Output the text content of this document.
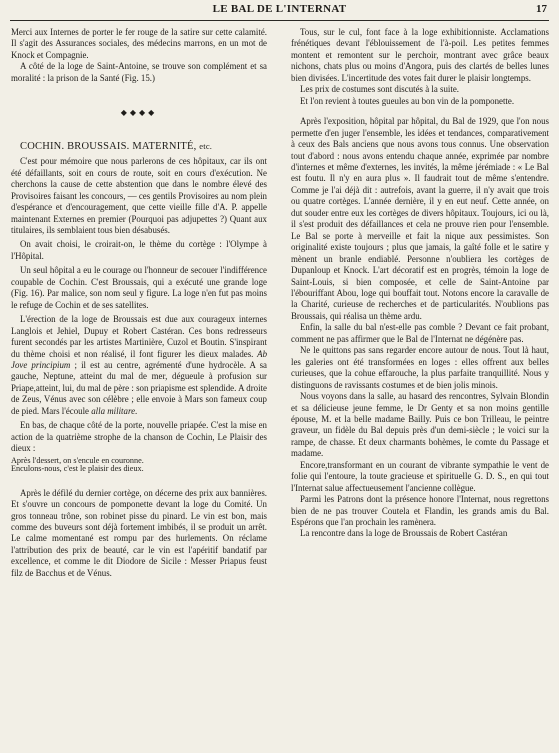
LE BAL DE L'INTERNAT	17

Merci aux Internes de porter le fer rouge de la satire sur cette calamité. Il s'agit des Assurances sociales, des médecins marrons, en un mot de Knock et Compagnie.

A côté de la loge de Saint-Antoine, se trouve son complément et sa moralité : la prison de la Santé (Fig. 15.)

◆◆◆◆

COCHIN. BROUSSAIS. MATERNITÉ, etc.

C'est pour mémoire que nous parlerons de ces hôpitaux, car ils ont été défaillants, soit en cours de route, soit en cours d'exécution. Ne cherchons la cause de cette abstention que dans le nombre élevé des Provisoires faisant les concours, — ces gentils Provisoires au nom plein d'espérance et d'encouragement, que cette vieille fille d'A. P. appelle maintenant Externes en premier (Pourquoi pas adjupettes ?) Quant aux titulaires, ils semblaient tous bien désabusés.

On avait choisi, le croirait-on, le thème du cortège : l'Olympe à l'Hôpital.

Un seul hôpital a eu le courage ou l'honneur de secouer l'indifférence coupable de Cochin. C'est Broussais, qui a exécuté une grande loge (Fig. 16). Par malice, son nom seul y figure. La loge n'en fut pas moins le refuge de Cochin et de ses satellites.

L'érection de la loge de Broussais est due aux courageux internes Langlois et Jehiel, Dupuy et Robert Castéran. Ces bons redresseurs furent secondés par les artistes Martinière, Cuzol et Boutin. S'inspirant du thème choisi et non réalisé, il font figurer les dieux malades. Ab Jove principium ; il est au centre, agrémenté d'une hydrocèle. A sa gauche, Neptune, atteint du mal de mer, dégueule à profusion sur Priape,atteint, lui, du mal de père : son priapisme est splendide. A droite de Zeus, Vénus avec son célèbre ; elle envoie à Mars son fameux coup de pied. Mars l'écoule alla militare.

En bas, de chaque côté de la porte, nouvelle priapée. C'est la mise en action de la quatrième strophe de la chanson de Cochin, Le Plaisir des dieux :

Après l'dessert, on s'encule en couronne.

Enculons-nous, c'est le plaisir des dieux.

Après le défilé du dernier cortège, on décerne des prix aux bannières. Et s'ouvre un concours de pomponette devant la loge du Comité. Un gros tonneau trône, son robinet pisse du pinard. Le vin est bon, mais comme des buveurs sont déjà fortement imbibés, il se produit un arrêt. Le calme momentané est rompu par des hurlements. On réclame l'attribution des prix de beauté, car le vin est l'apéritif bandatif par excellence, et comme le dit Diodore de Sicile : Messer Priapus feust filz de Bacchus et de Vénus.

Tous, sur le cul, font face à la loge exhibitionniste. Acclamations frénétiques devant l'éblouissement de l'à-poil. Les petites femmes montent et remontent sur le perchoir, montrant avec grâce beaux nichons, chats plus ou moins d'Angora, puis des clartés de belles lunes bien divisées. L'incertitude des votes fait durer le plaisir longtemps.

Les prix de costumes sont discutés à la suite.

Et l'on revient à toutes gueules au bon vin de la pomponette.

Après l'exposition, hôpital par hôpital, du Bal de 1929, que l'on nous permette d'en juger l'ensemble, les idées et tendances, comparativement à ceux des Bals anciens que nous avons tous connus. Une observation tout d'abord : nous avons entendu chaque année, exprimée par nombre d'internes et même d'externes, les invités, la même jérémiade : « Le Bal est foutu. Il n'y en aura plus ». Il faudrait tout de même s'entendre. Comme je l'ai déjà dit : autrefois, avant la guerre, il n'y avait que trois ou quatre cortèges. L'année dernière, il y en eut neuf. Cette année, on dut souder entre eux les cortèges de divers hôpitaux. Toujours, ici ou là, il s'est produit des défaillances et cela ne prouve rien pour l'ensemble. Le Bal se porte à merveille et fait la nique aux pessimistes. Son originalité existe toujours ; plus que jamais, la gaîté folle et le satire y mènent un branle endiablé. Personne n'oubliera les cortèges de Dupanloup et Knock. L'art décoratif est en progrès, témoin la loge de Saint-Louis, si bien composée, et celle de Saint-Antoine par l'ébouriffant Abou, loge qui bouffait tout. Notons encore la caravalle de la Charité, curieuse de recherches et de particularités. N'oublions pas Broussais, qui réalisa un thème ardu.

Enfin, la salle du bal n'est-elle pas comble ? Devant ce fait probant, comment ne pas affirmer que le Bal de l'Internat ne dégénère pas.

Ne le quittons pas sans regarder encore autour de nous. Tout là haut, les galeries ont été transformées en loges : elles offrent aux belles curieuses, que la cohue effarouche, la plus parfaite tranquillité. Nous y distinguons de ravissants costumes et de bien jolis minois.

Nous voyons dans la salle, au hasard des rencontres, Sylvain Blondin et sa délicieuse jeune femme, le Dr Genty et sa non moins gentille épouse, M. et la belle madame Bailly. Puis ce bon Trilleau, le peintre graveur, un fidèle du Bal depuis près d'un demi-siècle ; le voici sur la rampe, de chasse. Et deux charmants bohèmes, le comte du Passage et madame.

Encore,transformant en un courant de vibrante sympathie le vent de folie qui l'entoure, la toute gracieuse et spirituelle G. D. S., en qui tout l'Internat salue affectueusement l'ancienne collègue.

Parmi les Patrons dont la présence honore l'Internat, nous regrettons bien de ne pas trouver Coutela et Flandin, les grands amis du Bal. Espérons que l'an prochain les ramènera.

La rencontre dans la loge de Broussais de Robert Castéran
